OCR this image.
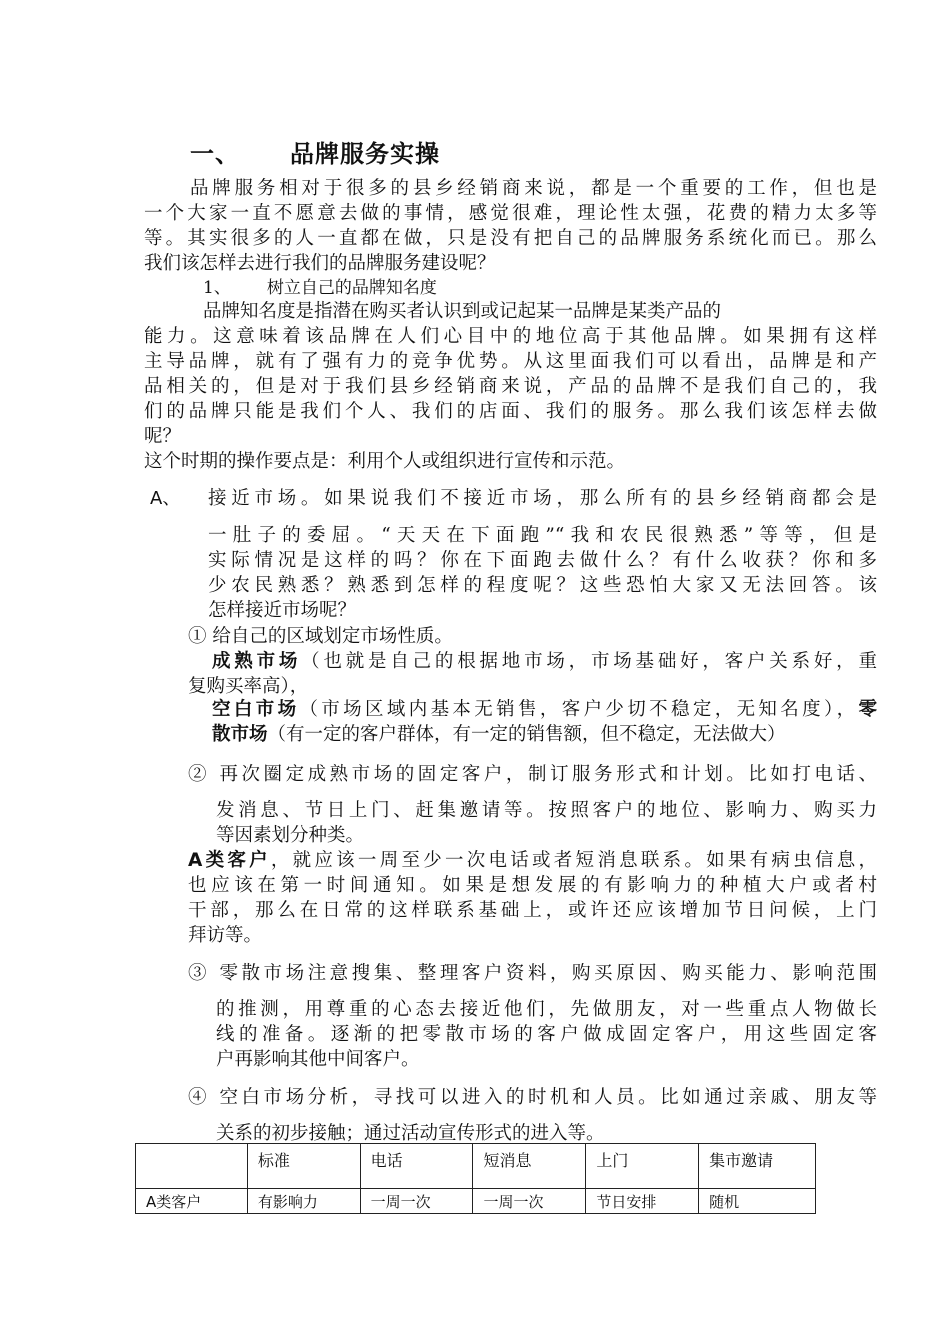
一、 品牌服务实操
品牌服务相对于很多的县乡经销商来说，都是一个重要的工作，但也是
一个大家一直不愿意去做的事情，感觉很难，理论性太强，花费的精力太多等
等。其实很多的人一直都在做，只是没有把自己的品牌服务系统化而已。那么
我们该怎样去进行我们的品牌服务建设呢？
1、 树立自己的品牌知名度
品牌知名度是指潜在购买者认识到或记起某一品牌是某类产品的
能力。这意味着该品牌在人们心目中的地位高于其他品牌。如果拥有这样
主导品牌，就有了强有力的竞争优势。从这里面我们可以看出，品牌是和产
品相关的，但是对于我们县乡经销商来说，产品的品牌不是我们自己的，我
们的品牌只能是我们个人、我们的店面、我们的服务。那么我们该怎样去做
呢？
这个时期的操作要点是：利用个人或组织进行宣传和示范。
A、 接近市场。如果说我们不接近市场，那么所有的县乡经销商都会是
一肚子的委屈。“天天在下面跑”“我和农民很熟悉”等等，但是
实际情况是这样的吗？你在下面跑去做什么？有什么收获？你和多
少农民熟悉？熟悉到怎样的程度呢？这些恐怕大家又无法回答。该
怎样接近市场呢？
① 给自己的区域划定市场性质。
成熟市场（也就是自己的根据地市场，市场基础好，客户关系好，重
复购买率高），
空白市场（市场区域内基本无销售，客户少切不稳定，无知名度），零
散市场（有一定的客户群体，有一定的销售额，但不稳定，无法做大）
② 再次圈定成熟市场的固定客户，制订服务形式和计划。比如打电话、
发消息、节日上门、赶集邀请等。按照客户的地位、影响力、购买力
等因素划分种类。
A类客户，就应该一周至少一次电话或者短消息联系。如果有病虫信息，
也应该在第一时间通知。如果是想发展的有影响力的种植大户或者村
干部，那么在日常的这样联系基础上，或许还应该增加节日问候，上门
拜访等。
③ 零散市场注意搜集、整理客户资料，购买原因、购买能力、影响范围
的推测，用尊重的心态去接近他们，先做朋友，对一些重点人物做长
线的准备。逐渐的把零散市场的客户做成固定客户，用这些固定客
户再影响其他中间客户。
④ 空白市场分析，寻找可以进入的时机和人员。比如通过亲戚、朋友等
关系的初步接触；通过活动宣传形式的进入等。
	标准	电话	短消息	上门	集市邀请
A类客户	有影响力	一周一次	一周一次	节日安排	随机
